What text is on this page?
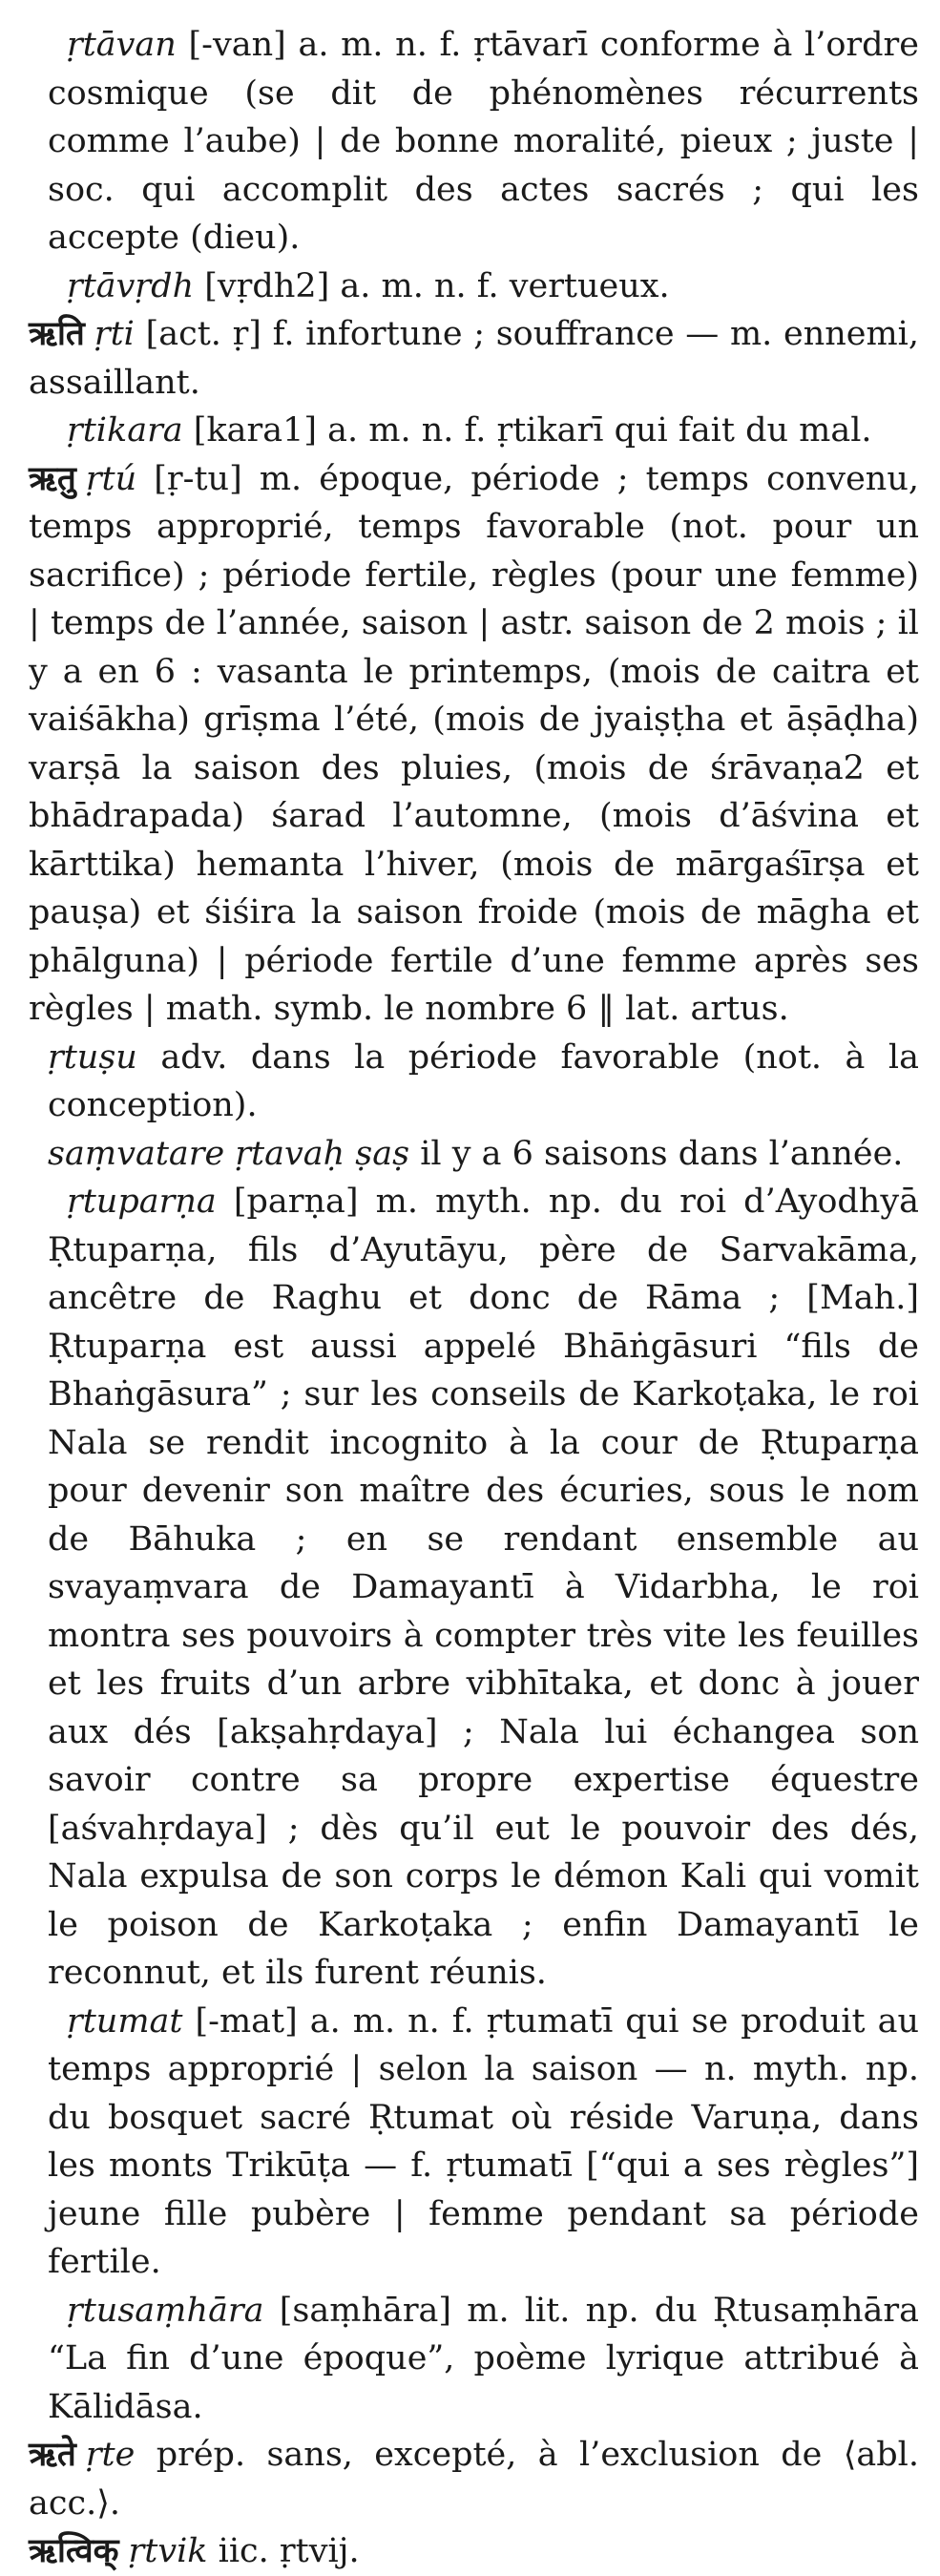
ṛtāvan [-van] a. m. n. f. ṛtāvarī conforme à l’ordre cosmique (se dit de phénomènes récurrents comme l’aube) | de bonne moralité, pieux ; juste | soc. qui accomplit des actes sacrés ; qui les accepte (dieu).

ṛtāvṛdh [vṛdh2] a. m. n. f. vertueux.

ऋति ṛti [act. ṛ] f. infortune ; souffrance — m. ennemi, assaillant.

ṛtikara [kara1] a. m. n. f. ṛtikarī qui fait du mal.

ऋतु ṛtú [ṛ-tu] m. époque, période ; temps convenu, temps approprié, temps favorable (not. pour un sacrifice) ; période fertile, règles (pour une femme) | temps de l’année, saison | astr. saison de 2 mois ; il y a en 6 : vasanta le printemps, (mois de caitra et vaiśākha) grīṣma l’été, (mois de jyaiṣṭha et āṣāḍha) varṣā la saison des pluies, (mois de śrāvaṇa2 et bhādrapada) śarad l’automne, (mois d’āśvina et kārttika) hemanta l’hiver, (mois de mārgaśīrṣa et pauṣa) et śiśira la saison froide (mois de māgha et phālguna) | période fertile d’une femme après ses règles | math. symb. le nombre 6 ‖ lat. artus.

ṛtuṣu adv. dans la période favorable (not. à la conception).

saṃvatare ṛtavaḥ ṣaṣ il y a 6 saisons dans l’année.

ṛtuparṇa [parṇa] m. myth. np. du roi d’Ayodhyā Ṛtuparṇa, fils d’Ayutāyu, père de Sarvakāma, ancêtre de Raghu et donc de Rāma ; [Mah.] Ṛtuparṇa est aussi appelé Bhāṅgāsuri “fils de Bhaṅgāsura” ; sur les conseils de Karkoṭaka, le roi Nala se rendit incognito à la cour de Ṛtuparṇa pour devenir son maître des écuries, sous le nom de Bāhuka ; en se rendant ensemble au svayaṃvara de Damayantī à Vidarbha, le roi montra ses pouvoirs à compter très vite les feuilles et les fruits d’un arbre vibhītaka, et donc à jouer aux dés [akṣahṛdaya] ; Nala lui échangea son savoir contre sa propre expertise équestre [aśvahṛdaya] ; dès qu’il eut le pouvoir des dés, Nala expulsa de son corps le démon Kali qui vomit le poison de Karkoṭaka ; enfin Damayantī le reconnut, et ils furent réunis.

ṛtumat [-mat] a. m. n. f. ṛtumatī qui se produit au temps approprié | selon la saison — n. myth. np. du bosquet sacré Ṛtumat où réside Varuṇa, dans les monts Trikūṭa — f. ṛtumatī [“qui a ses règles”] jeune fille pubère | femme pendant sa période fertile.

ṛtusaṃhāra [saṃhāra] m. lit. np. du Ṛtusaṃhāra “La fin d’une époque”, poème lyrique attribué à Kālidāsa.

ऋते ṛte prép. sans, excepté, à l’exclusion de ⟨abl. acc.⟩.

ऋत्विक् ṛtvik iic. ṛtvij.
